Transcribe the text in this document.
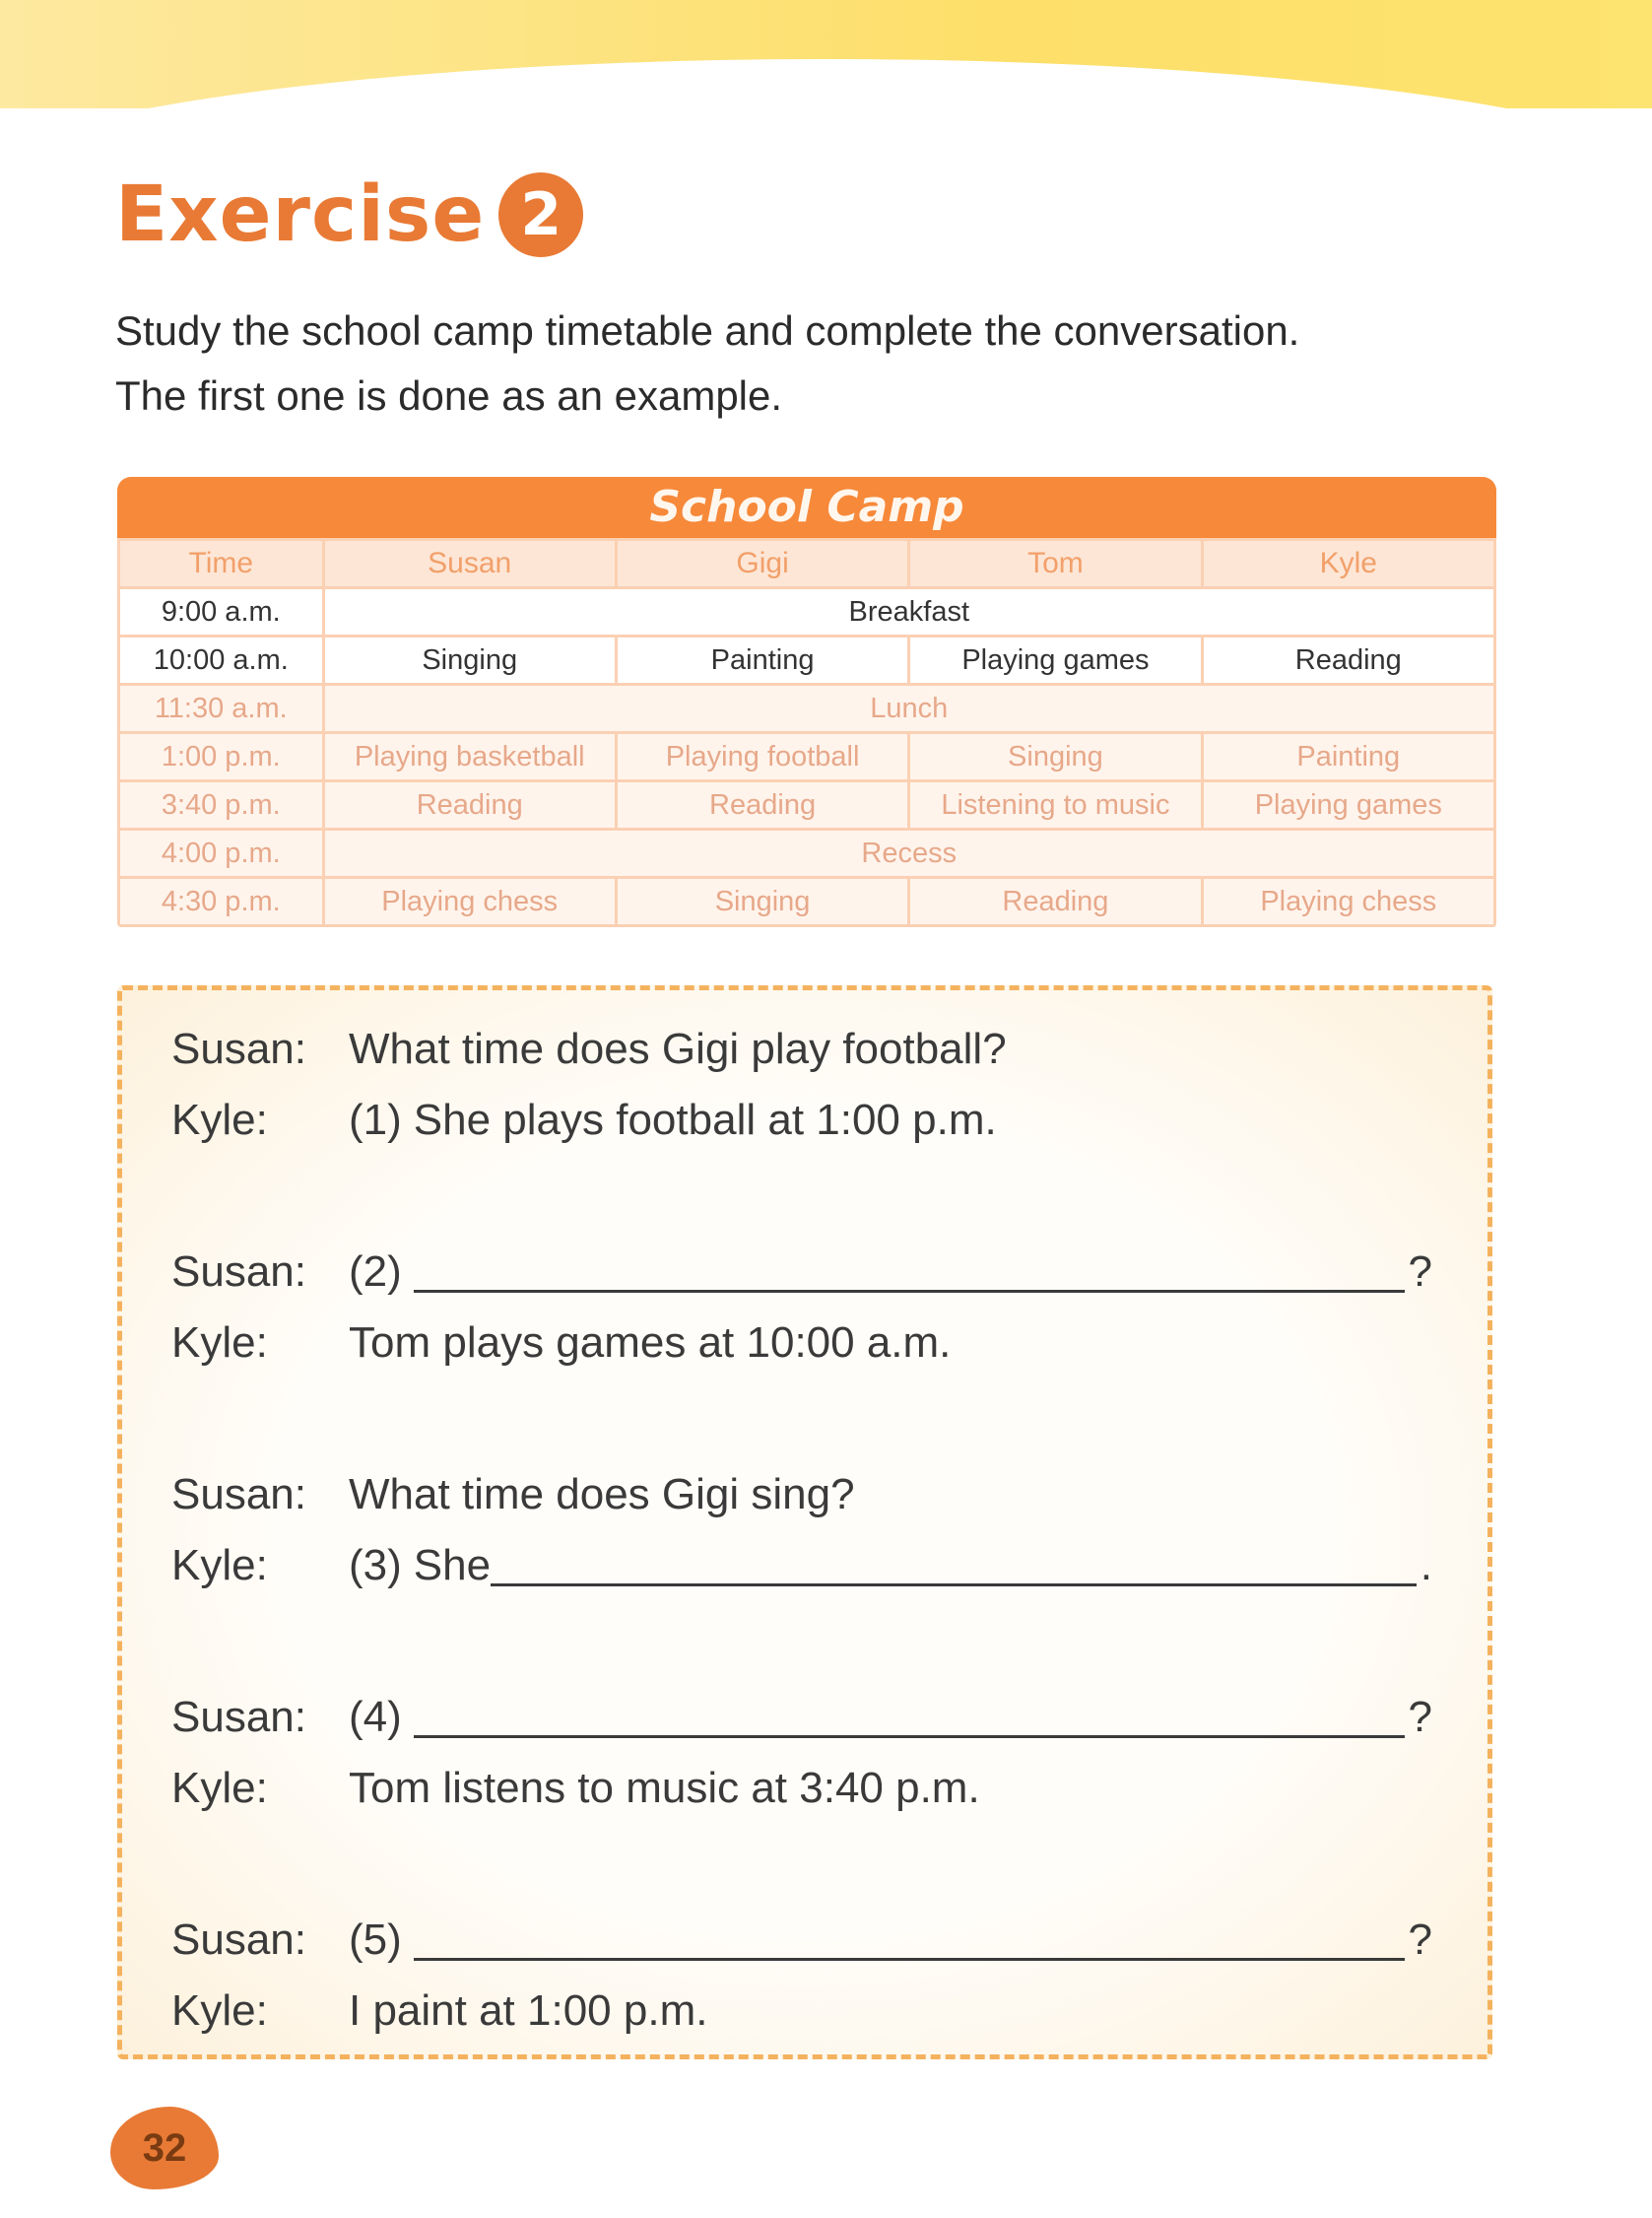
Exercise 2

Study the school camp timetable and complete the conversation.

The first one is done as an example.

School Camp
Time	Susan	Gigi	Tom	Kyle
9:00 a.m.	Breakfast			
10:00 a.m.	Singing	Painting	Playing games	Reading
11:30 a.m.	Lunch			
1:00 p.m.	Playing basketball	Playing football	Singing	Painting
3:40 p.m.	Reading	Reading	Listening to music	Playing games
4:00 p.m.	Recess			
4:30 p.m.	Playing chess	Singing	Reading	Playing chess
Susan: What time does Gigi play football?
Kyle:	(1) She plays football at 1:00 p.m.
Susan: (2)	?
Kyle:	Tom plays games at 10:00 a.m.
Susan: What time does Gigi sing?
Kyle:	(3) She	.
Susan: (4)	?
Kyle:	Tom listens to music at 3:40 p.m.
Susan: (5)	?
Kyle:	I paint at 1:00 p.m.
32
